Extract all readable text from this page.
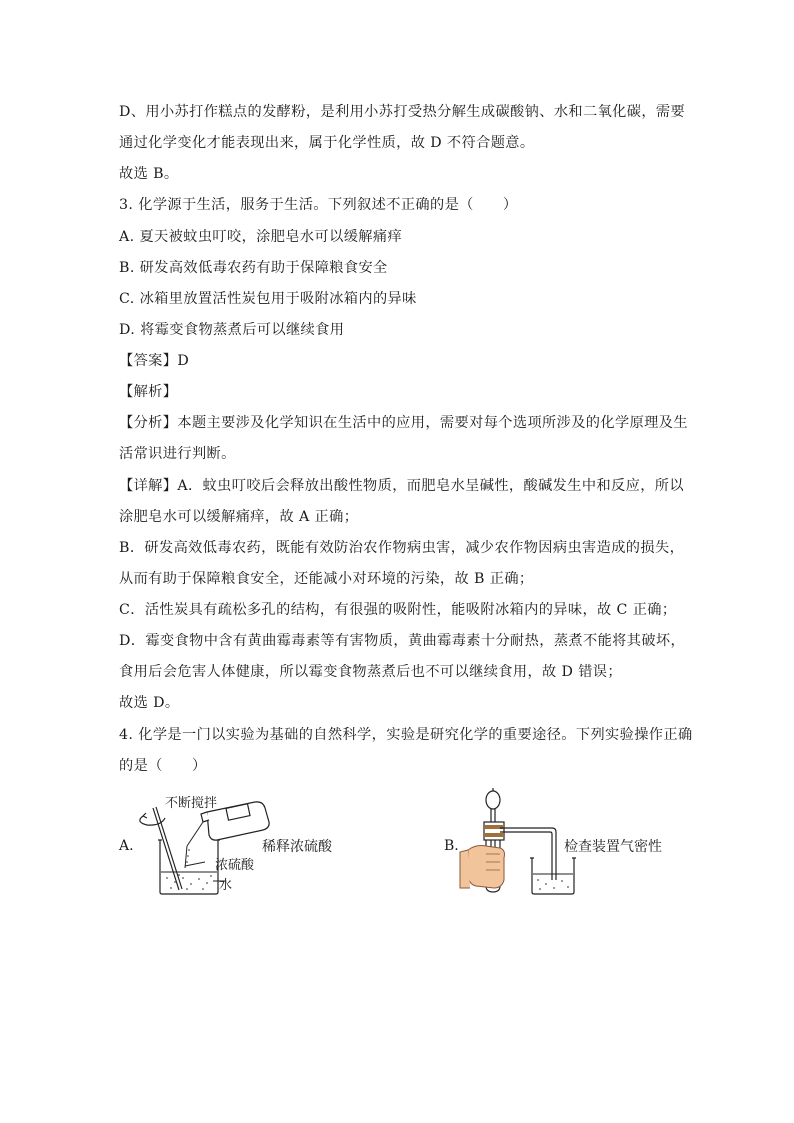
D、用小苏打作糕点的发酵粉，是利用小苏打受热分解生成碳酸钠、水和二氧化碳，需要
通过化学变化才能表现出来，属于化学性质，故 D 不符合题意。
故选 B。
3. 化学源于生活，服务于生活。下列叙述不正确的是（　　）
A. 夏天被蚊虫叮咬，涂肥皂水可以缓解痛痒
B. 研发高效低毒农药有助于保障粮食安全
C. 冰箱里放置活性炭包用于吸附冰箱内的异味
D. 将霉变食物蒸煮后可以继续食用
【答案】D
【解析】
【分析】本题主要涉及化学知识在生活中的应用，需要对每个选项所涉及的化学原理及生
活常识进行判断。
【详解】A．蚊虫叮咬后会释放出酸性物质，而肥皂水呈碱性，酸碱发生中和反应，所以
涂肥皂水可以缓解痛痒，故 A 正确；
B．研发高效低毒农药，既能有效防治农作物病虫害，减少农作物因病虫害造成的损失，
从而有助于保障粮食安全，还能减小对环境的污染，故 B 正确；
C．活性炭具有疏松多孔的结构，有很强的吸附性，能吸附冰箱内的异味，故 C 正确；
D．霉变食物中含有黄曲霉毒素等有害物质，黄曲霉毒素十分耐热，蒸煮不能将其破坏，
食用后会危害人体健康，所以霉变食物蒸煮后也不可以继续食用，故 D 错误；
故选 D。
4. 化学是一门以实验为基础的自然科学，实验是研究化学的重要途径。下列实验操作正确
的是（　　）
A.
不断搅拌
稀释浓硫酸
浓硫酸
水
B.	检查装置气密性
